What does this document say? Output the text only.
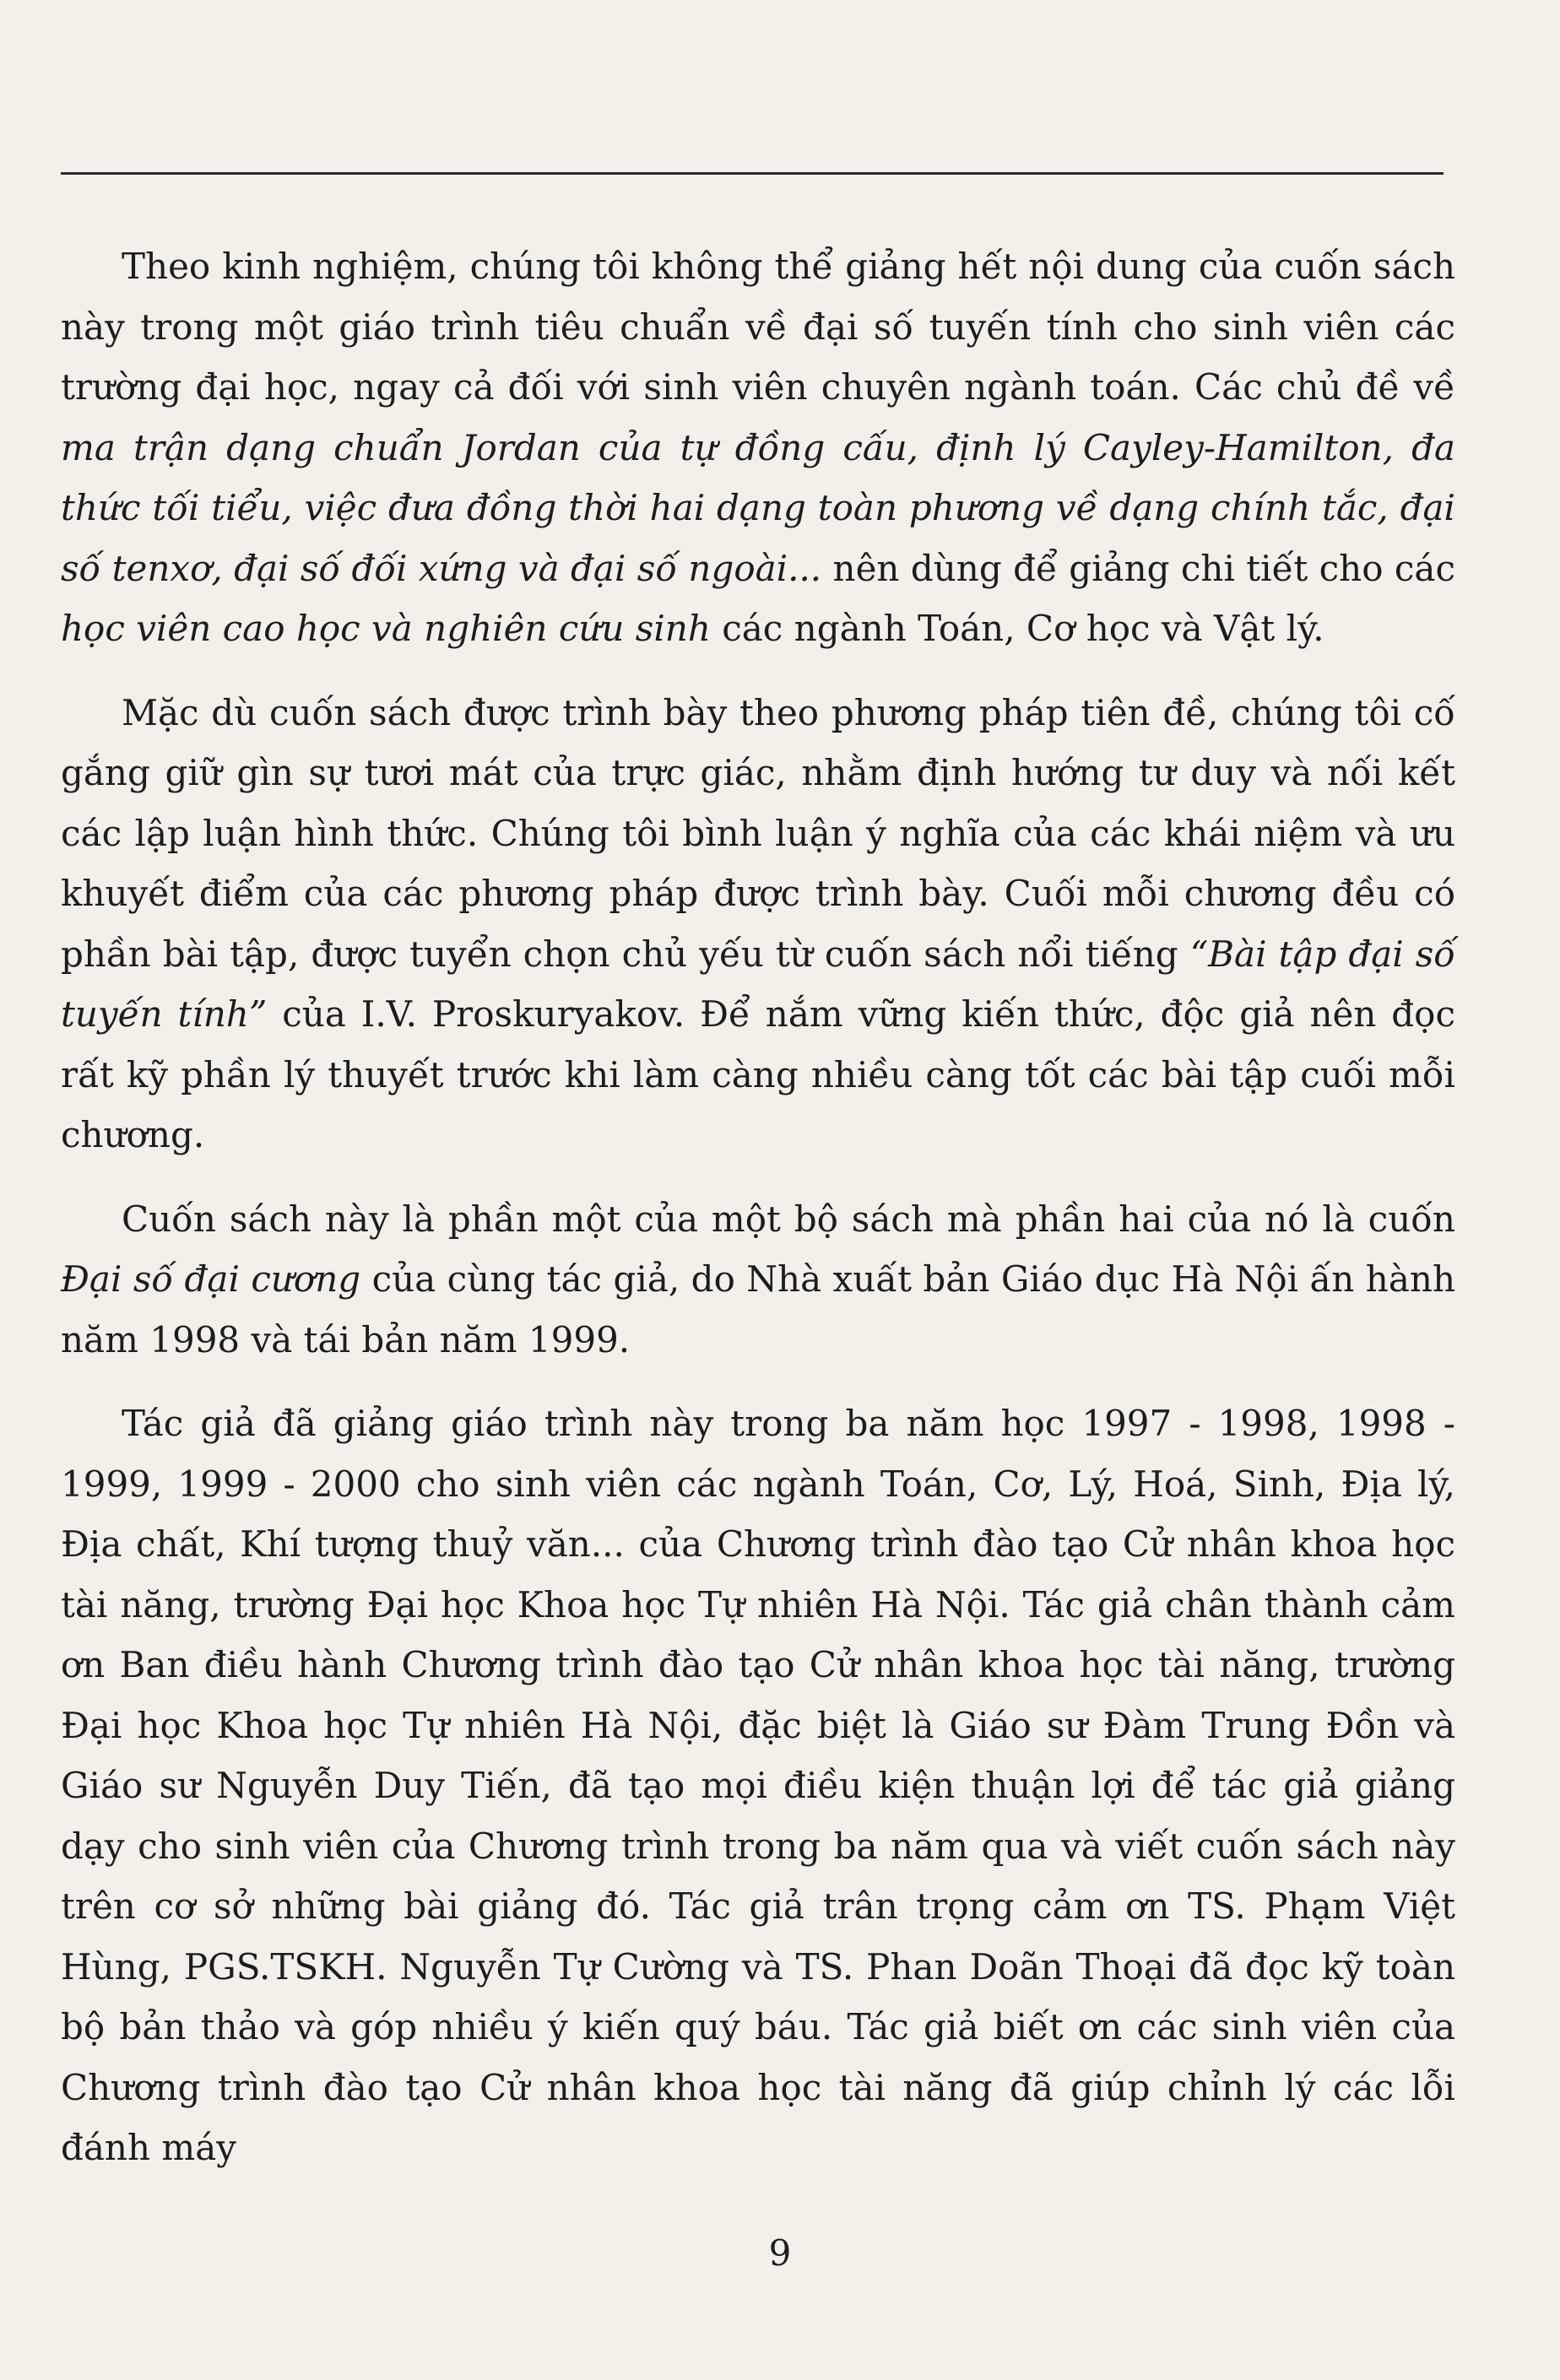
Theo kinh nghiệm, chúng tôi không thể giảng hết nội dung của cuốn sách này trong một giáo trình tiêu chuẩn về đại số tuyến tính cho sinh viên các trường đại học, ngay cả đối với sinh viên chuyên ngành toán. Các chủ đề về ma trận dạng chuẩn Jordan của tự đồng cấu, định lý Cayley-Hamilton, đa thức tối tiểu, việc đưa đồng thời hai dạng toàn phương về dạng chính tắc, đại số tenxơ, đại số đối xứng và đại số ngoài... nên dùng để giảng chi tiết cho các học viên cao học và nghiên cứu sinh các ngành Toán, Cơ học và Vật lý.

Mặc dù cuốn sách được trình bày theo phương pháp tiên đề, chúng tôi cố gắng giữ gìn sự tươi mát của trực giác, nhằm định hướng tư duy và nối kết các lập luận hình thức. Chúng tôi bình luận ý nghĩa của các khái niệm và ưu khuyết điểm của các phương pháp được trình bày. Cuối mỗi chương đều có phần bài tập, được tuyển chọn chủ yếu từ cuốn sách nổi tiếng “Bài tập đại số tuyến tính” của I.V. Proskuryakov. Để nắm vững kiến thức, độc giả nên đọc rất kỹ phần lý thuyết trước khi làm càng nhiều càng tốt các bài tập cuối mỗi chương.

Cuốn sách này là phần một của một bộ sách mà phần hai của nó là cuốn Đại số đại cương của cùng tác giả, do Nhà xuất bản Giáo dục Hà Nội ấn hành năm 1998 và tái bản năm 1999.

Tác giả đã giảng giáo trình này trong ba năm học 1997 - 1998, 1998 - 1999, 1999 - 2000 cho sinh viên các ngành Toán, Cơ, Lý, Hoá, Sinh, Địa lý, Địa chất, Khí tượng thuỷ văn... của Chương trình đào tạo Cử nhân khoa học tài năng, trường Đại học Khoa học Tự nhiên Hà Nội. Tác giả chân thành cảm ơn Ban điều hành Chương trình đào tạo Cử nhân khoa học tài năng, trường Đại học Khoa học Tự nhiên Hà Nội, đặc biệt là Giáo sư Đàm Trung Đồn và Giáo sư Nguyễn Duy Tiến, đã tạo mọi điều kiện thuận lợi để tác giả giảng dạy cho sinh viên của Chương trình trong ba năm qua và viết cuốn sách này trên cơ sở những bài giảng đó. Tác giả trân trọng cảm ơn TS. Phạm Việt Hùng, PGS.TSKH. Nguyễn Tự Cường và TS. Phan Doãn Thoại đã đọc kỹ toàn bộ bản thảo và góp nhiều ý kiến quý báu. Tác giả biết ơn các sinh viên của Chương trình đào tạo Cử nhân khoa học tài năng đã giúp chỉnh lý các lỗi đánh máy

9
